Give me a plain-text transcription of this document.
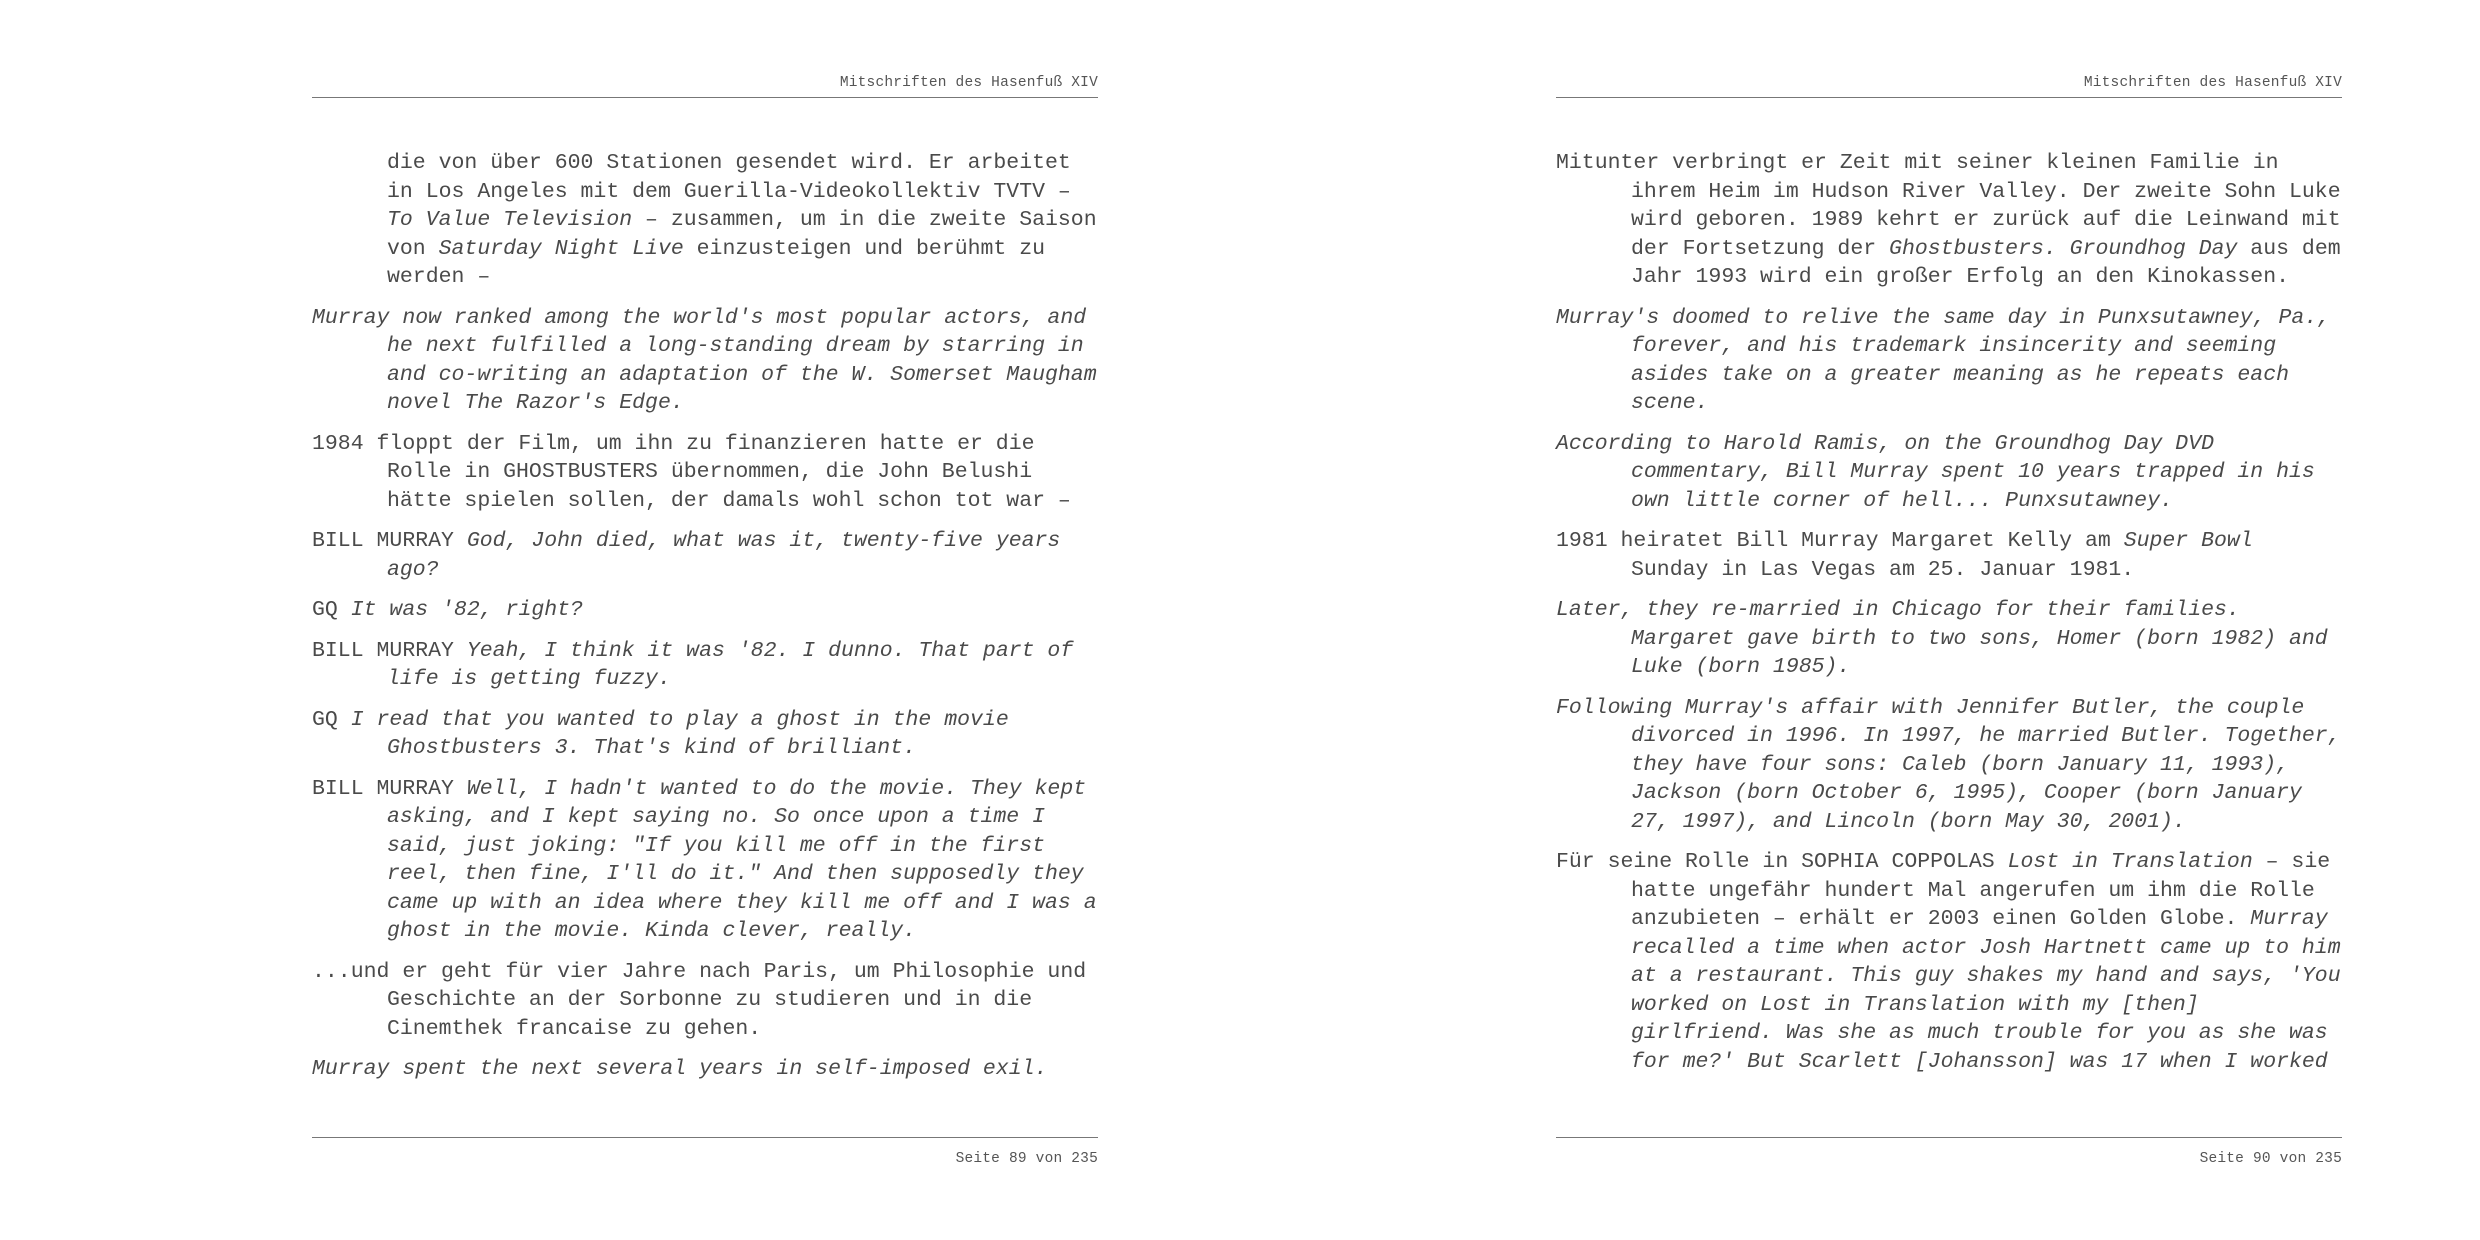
Mitschriften des Hasenfuß XIV

die von über 600 Stationen gesendet wird. Er arbeitet in Los Angeles mit dem Guerilla-Videokollektiv TVTV – To Value Television – zusammen, um in die zweite Saison von Saturday Night Live einzusteigen und berühmt zu werden –

Murray now ranked among the world's most popular actors, and he next fulfilled a long-standing dream by starring in and co-writing an adaptation of the W. Somerset Maugham novel The Razor's Edge.

1984 floppt der Film, um ihn zu finanzieren hatte er die Rolle in GHOSTBUSTERS übernommen, die John Belushi hätte spielen sollen, der damals wohl schon tot war –

BILL MURRAY God, John died, what was it, twenty-five years ago?

GQ It was '82, right?

BILL MURRAY Yeah, I think it was '82. I dunno. That part of life is getting fuzzy.

GQ I read that you wanted to play a ghost in the movie Ghostbusters 3. That's kind of brilliant.

BILL MURRAY Well, I hadn't wanted to do the movie. They kept asking, and I kept saying no. So once upon a time I said, just joking: "If you kill me off in the first reel, then fine, I'll do it." And then supposedly they came up with an idea where they kill me off and I was a ghost in the movie. Kinda clever, really.

...und er geht für vier Jahre nach Paris, um Philosophie und Geschichte an der Sorbonne zu studieren und in die Cinemthek francaise zu gehen.

Murray spent the next several years in self-imposed exil.

Seite 89 von 235
Mitschriften des Hasenfuß XIV

Mitunter verbringt er Zeit mit seiner kleinen Familie in ihrem Heim im Hudson River Valley. Der zweite Sohn Luke wird geboren. 1989 kehrt er zurück auf die Leinwand mit der Fortsetzung der Ghostbusters. Groundhog Day aus dem Jahr 1993 wird ein großer Erfolg an den Kinokassen.

Murray's doomed to relive the same day in Punxsutawney, Pa., forever, and his trademark insincerity and seeming asides take on a greater meaning as he repeats each scene.

According to Harold Ramis, on the Groundhog Day DVD commentary, Bill Murray spent 10 years trapped in his own little corner of hell... Punxsutawney.

1981 heiratet Bill Murray Margaret Kelly am Super Bowl Sunday in Las Vegas am 25. Januar 1981.

Later, they re-married in Chicago for their families. Margaret gave birth to two sons, Homer (born 1982) and Luke (born 1985).

Following Murray's affair with Jennifer Butler, the couple divorced in 1996. In 1997, he married Butler. Together, they have four sons: Caleb (born January 11, 1993), Jackson (born October 6, 1995), Cooper (born January 27, 1997), and Lincoln (born May 30, 2001).

Für seine Rolle in SOPHIA COPPOLAS Lost in Translation – sie hatte ungefähr hundert Mal angerufen um ihm die Rolle anzubieten – erhält er 2003 einen Golden Globe. Murray recalled a time when actor Josh Hartnett came up to him at a restaurant. This guy shakes my hand and says, 'You worked on Lost in Translation with my [then] girlfriend. Was she as much trouble for you as she was for me?' But Scarlett [Johansson] was 17 when I worked

Seite 90 von 235
